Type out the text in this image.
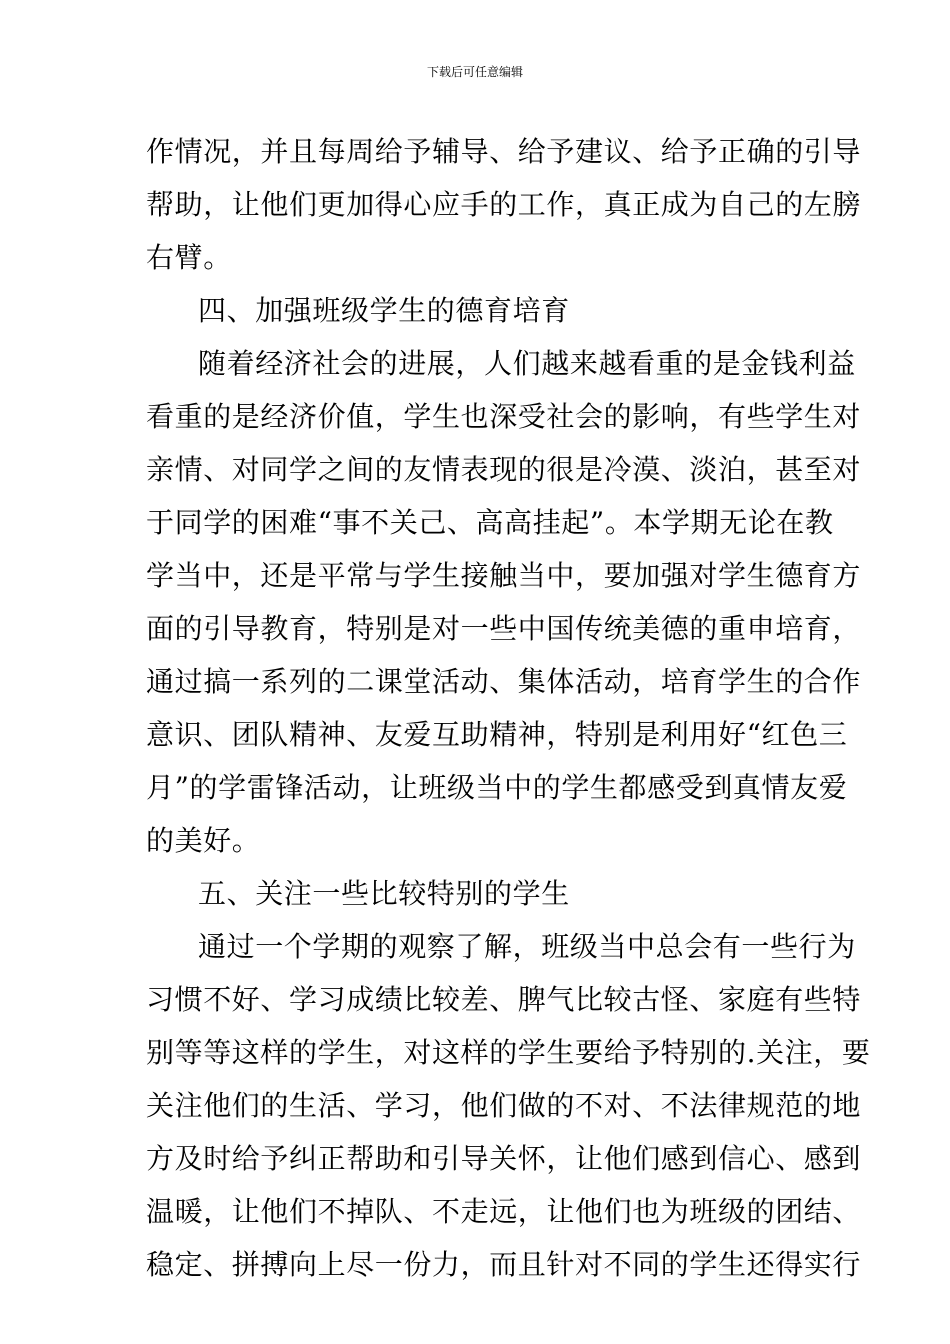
下载后可任意编辑
作情况，并且每周给予辅导、给予建议、给予正确的引导
帮助，让他们更加得心应手的工作，真正成为自己的左膀
右臂。
四、加强班级学生的德育培育
随着经济社会的进展，人们越来越看重的是金钱利益
看重的是经济价值，学生也深受社会的影响，有些学生对
亲情、对同学之间的友情表现的很是冷漠、淡泊，甚至对
于同学的困难“事不关己、高高挂起”。本学期无论在教
学当中，还是平常与学生接触当中，要加强对学生德育方
面的引导教育，特别是对一些中国传统美德的重申培育，
通过搞一系列的二课堂活动、集体活动，培育学生的合作
意识、团队精神、友爱互助精神，特别是利用好“红色三
月”的学雷锋活动，让班级当中的学生都感受到真情友爱
的美好。
五、关注一些比较特别的学生
通过一个学期的观察了解，班级当中总会有一些行为
习惯不好、学习成绩比较差、脾气比较古怪、家庭有些特
别等等这样的学生，对这样的学生要给予特别的.关注，要
关注他们的生活、学习，他们做的不对、不法律规范的地
方及时给予纠正帮助和引导关怀，让他们感到信心、感到
温暖，让他们不掉队、不走远，让他们也为班级的团结、
稳定、拼搏向上尽一份力，而且针对不同的学生还得实行
